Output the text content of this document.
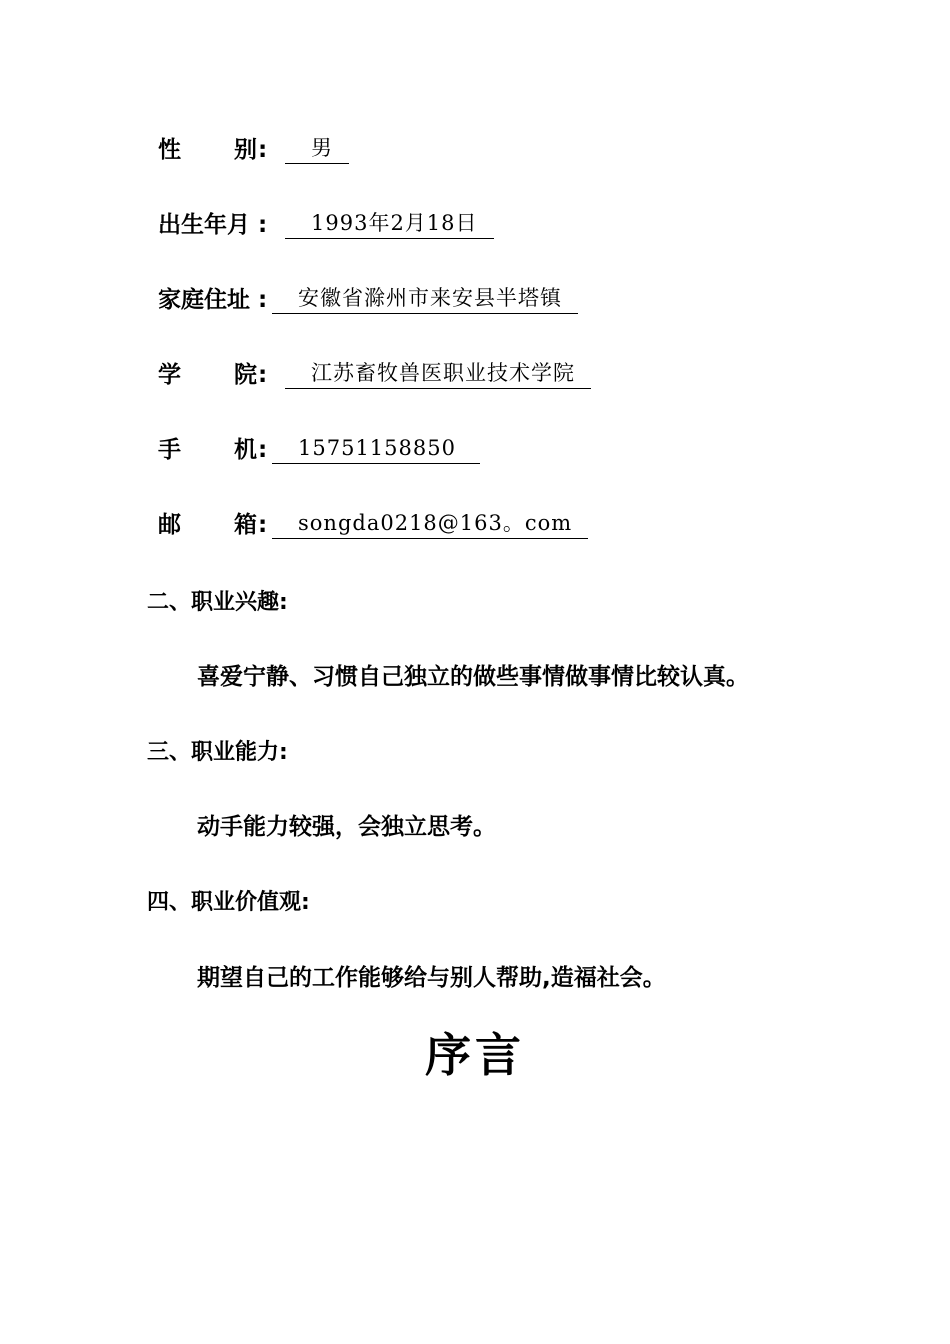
性 别 :	男
出生年月 :	1993年2月18日
家庭住址 :	安徽省滁州市来安县半塔镇
学 院 :	江苏畜牧兽医职业技术学院
手 机 :	15751158850
邮 箱 :	songda0218@163。com
二、职业兴趣:
喜爱宁静、习惯自己独立的做些事情做事情比较认真。
三、职业能力:
动手能力较强，会独立思考。
四、职业价值观:
期望自己的工作能够给与别人帮助,造福社会。
序言
